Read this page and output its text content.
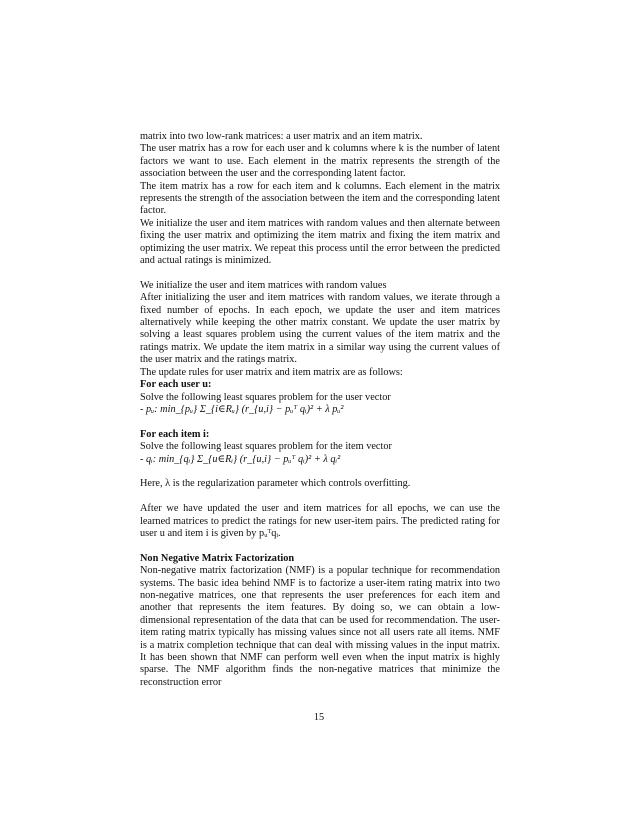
matrix into two low-rank matrices: a user matrix and an item matrix.

The user matrix has a row for each user and k columns where k is the number of latent factors we want to use. Each element in the matrix represents the strength of the association between the user and the corresponding latent factor.

The item matrix has a row for each item and k columns. Each element in the matrix represents the strength of the association between the item and the corresponding latent factor.

We initialize the user and item matrices with random values and then alternate between fixing the user matrix and optimizing the item matrix and fixing the item matrix and optimizing the user matrix. We repeat this process until the error between the predicted and actual ratings is minimized.

We initialize the user and item matrices with random values

After initializing the user and item matrices with random values, we iterate through a fixed number of epochs. In each epoch, we update the user and item matrices alternatively while keeping the other matrix constant. We update the user matrix by solving a least squares problem using the current values of the item matrix and the ratings matrix. We update the item matrix in a similar way using the current values of the user matrix and the ratings matrix.

The update rules for user matrix and item matrix are as follows:

For each user u:

Solve the following least squares problem for the user vector

- pᵤ: min_{pᵤ} Σ_{i∈Rᵤ} (r_{u,i} − pᵤᵀ qᵢ)² + λ pᵤ²

For each item i:

Solve the following least squares problem for the item vector

- qᵢ: min_{qᵢ} Σ_{u∈Rᵢ} (r_{u,i} − pᵤᵀ qᵢ)² + λ qᵢ²

Here, λ is the regularization parameter which controls overfitting.

After we have updated the user and item matrices for all epochs, we can use the learned matrices to predict the ratings for new user-item pairs. The predicted rating for user u and item i is given by pᵤᵀqᵢ.

Non Negative Matrix Factorization

Non-negative matrix factorization (NMF) is a popular technique for recommendation systems. The basic idea behind NMF is to factorize a user-item rating matrix into two non-negative matrices, one that represents the user preferences for each item and another that represents the item features. By doing so, we can obtain a low-dimensional representation of the data that can be used for recommendation. The user-item rating matrix typically has missing values since not all users rate all items. NMF is a matrix completion technique that can deal with missing values in the input matrix. It has been shown that NMF can perform well even when the input matrix is highly sparse. The NMF algorithm finds the non-negative matrices that minimize the reconstruction error

15
